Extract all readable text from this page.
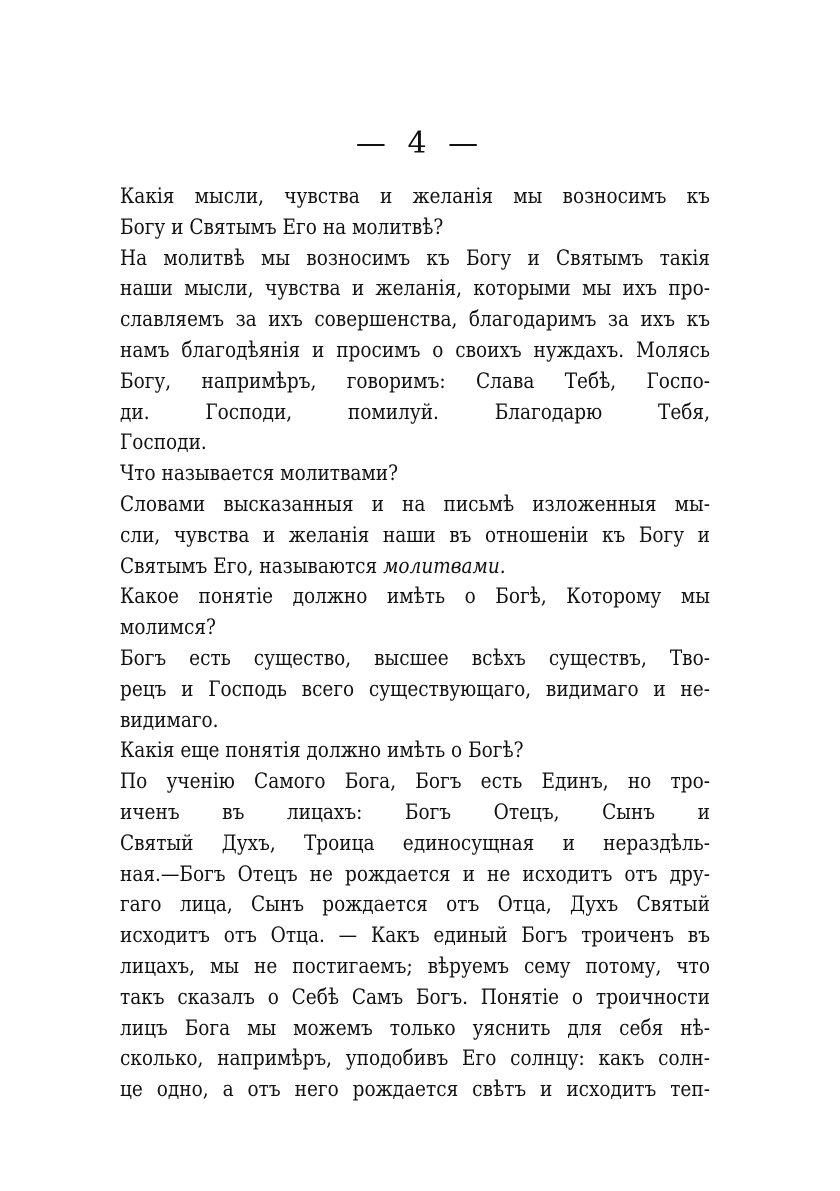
— 4 —
Какія мысли, чувства и желанія мы возносимъ къ
Богу и Святымъ Его на молитвѣ?
На молитвѣ мы возносимъ къ Богу и Святымъ такія
наши мысли, чувства и желанія, которыми мы ихъ про-
славляемъ за ихъ совершенства, благодаримъ за ихъ къ
намъ благодѣянія и просимъ о своихъ нуждахъ. Молясь
Богу, напримѣръ, говоримъ: Слава Тебѣ, Госпо-
ди. Господи, помилуй. Благодарю Тебя,
Господи.
Что называется молитвами?
Словами высказанныя и на письмѣ изложенныя мы-
сли, чувства и желанія наши въ отношеніи къ Богу и
Святымъ Его, называются молитвами.
Какое понятіе должно имѣть о Богѣ, Которому мы
молимся?
Богъ есть существо, высшее всѣхъ существъ, Тво-
рецъ и Господь всего существующаго, видимаго и не-
видимаго.
Какія еще понятія должно имѣть о Богѣ?
По ученію Самого Бога, Богъ есть Единъ, но тро-
иченъ въ лицахъ: Богъ Отецъ, Сынъ и
Святый Духъ, Троица единосущная и нераздѣль-
ная.—Богъ Отецъ не рождается и не исходитъ отъ дру-
гаго лица, Сынъ рождается отъ Отца, Духъ Святый
исходитъ отъ Отца. — Какъ единый Богъ троиченъ въ
лицахъ, мы не постигаемъ; вѣруемъ сему потому, что
такъ сказалъ о Себѣ Самъ Богъ. Понятіе о троичности
лицъ Бога мы можемъ только уяснить для себя нѣ-
сколько, напримѣръ, уподобивъ Его солнцу: какъ солн-
це одно, а отъ него рождается свѣтъ и исходитъ теп-
